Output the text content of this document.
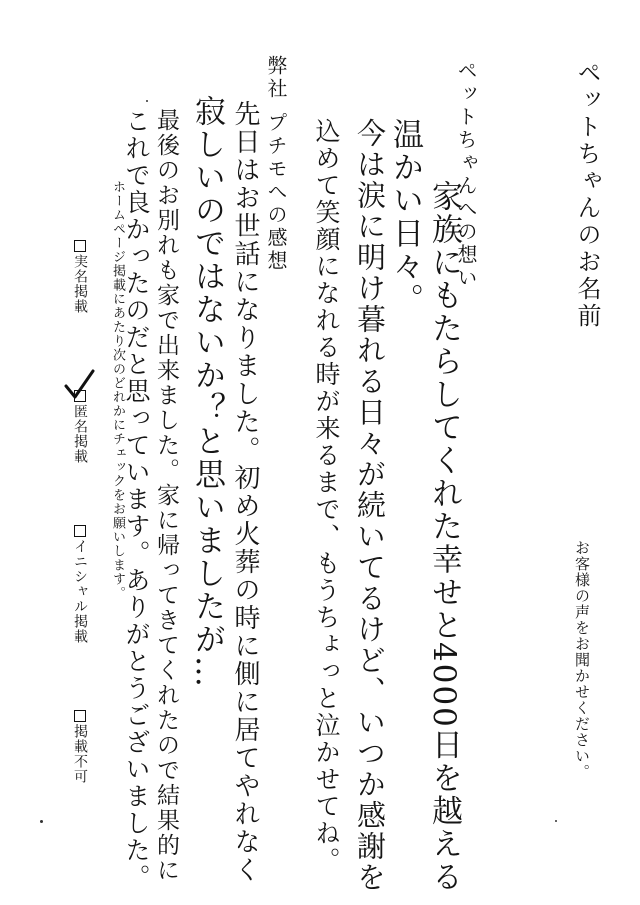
ペットちゃんのお名前
お客様の声をお聞かせください。
ペットちゃんへの想い
温かい日々。 家族にもたらしてくれた幸せと4000日を越える
今は涙に明け暮れる日々が続いてるけど、いつか感謝を
込めて笑顔になれる時が来るまで、もうちょっと泣かせてね。
弊社
プチモへの感想
先日はお世話になりました。初め火葬の時に側に居てやれなく
寂しいのではないか？と思いましたが…
最後のお別れも家で出来ました。家に帰ってきてくれたので結果的に
これで良かったのだと思っています。ありがとうございました。
ホームページ掲載にあたり次のどれかにチェックをお願いします。
実名掲載
匿名掲載
イニシャル掲載
掲載不可
